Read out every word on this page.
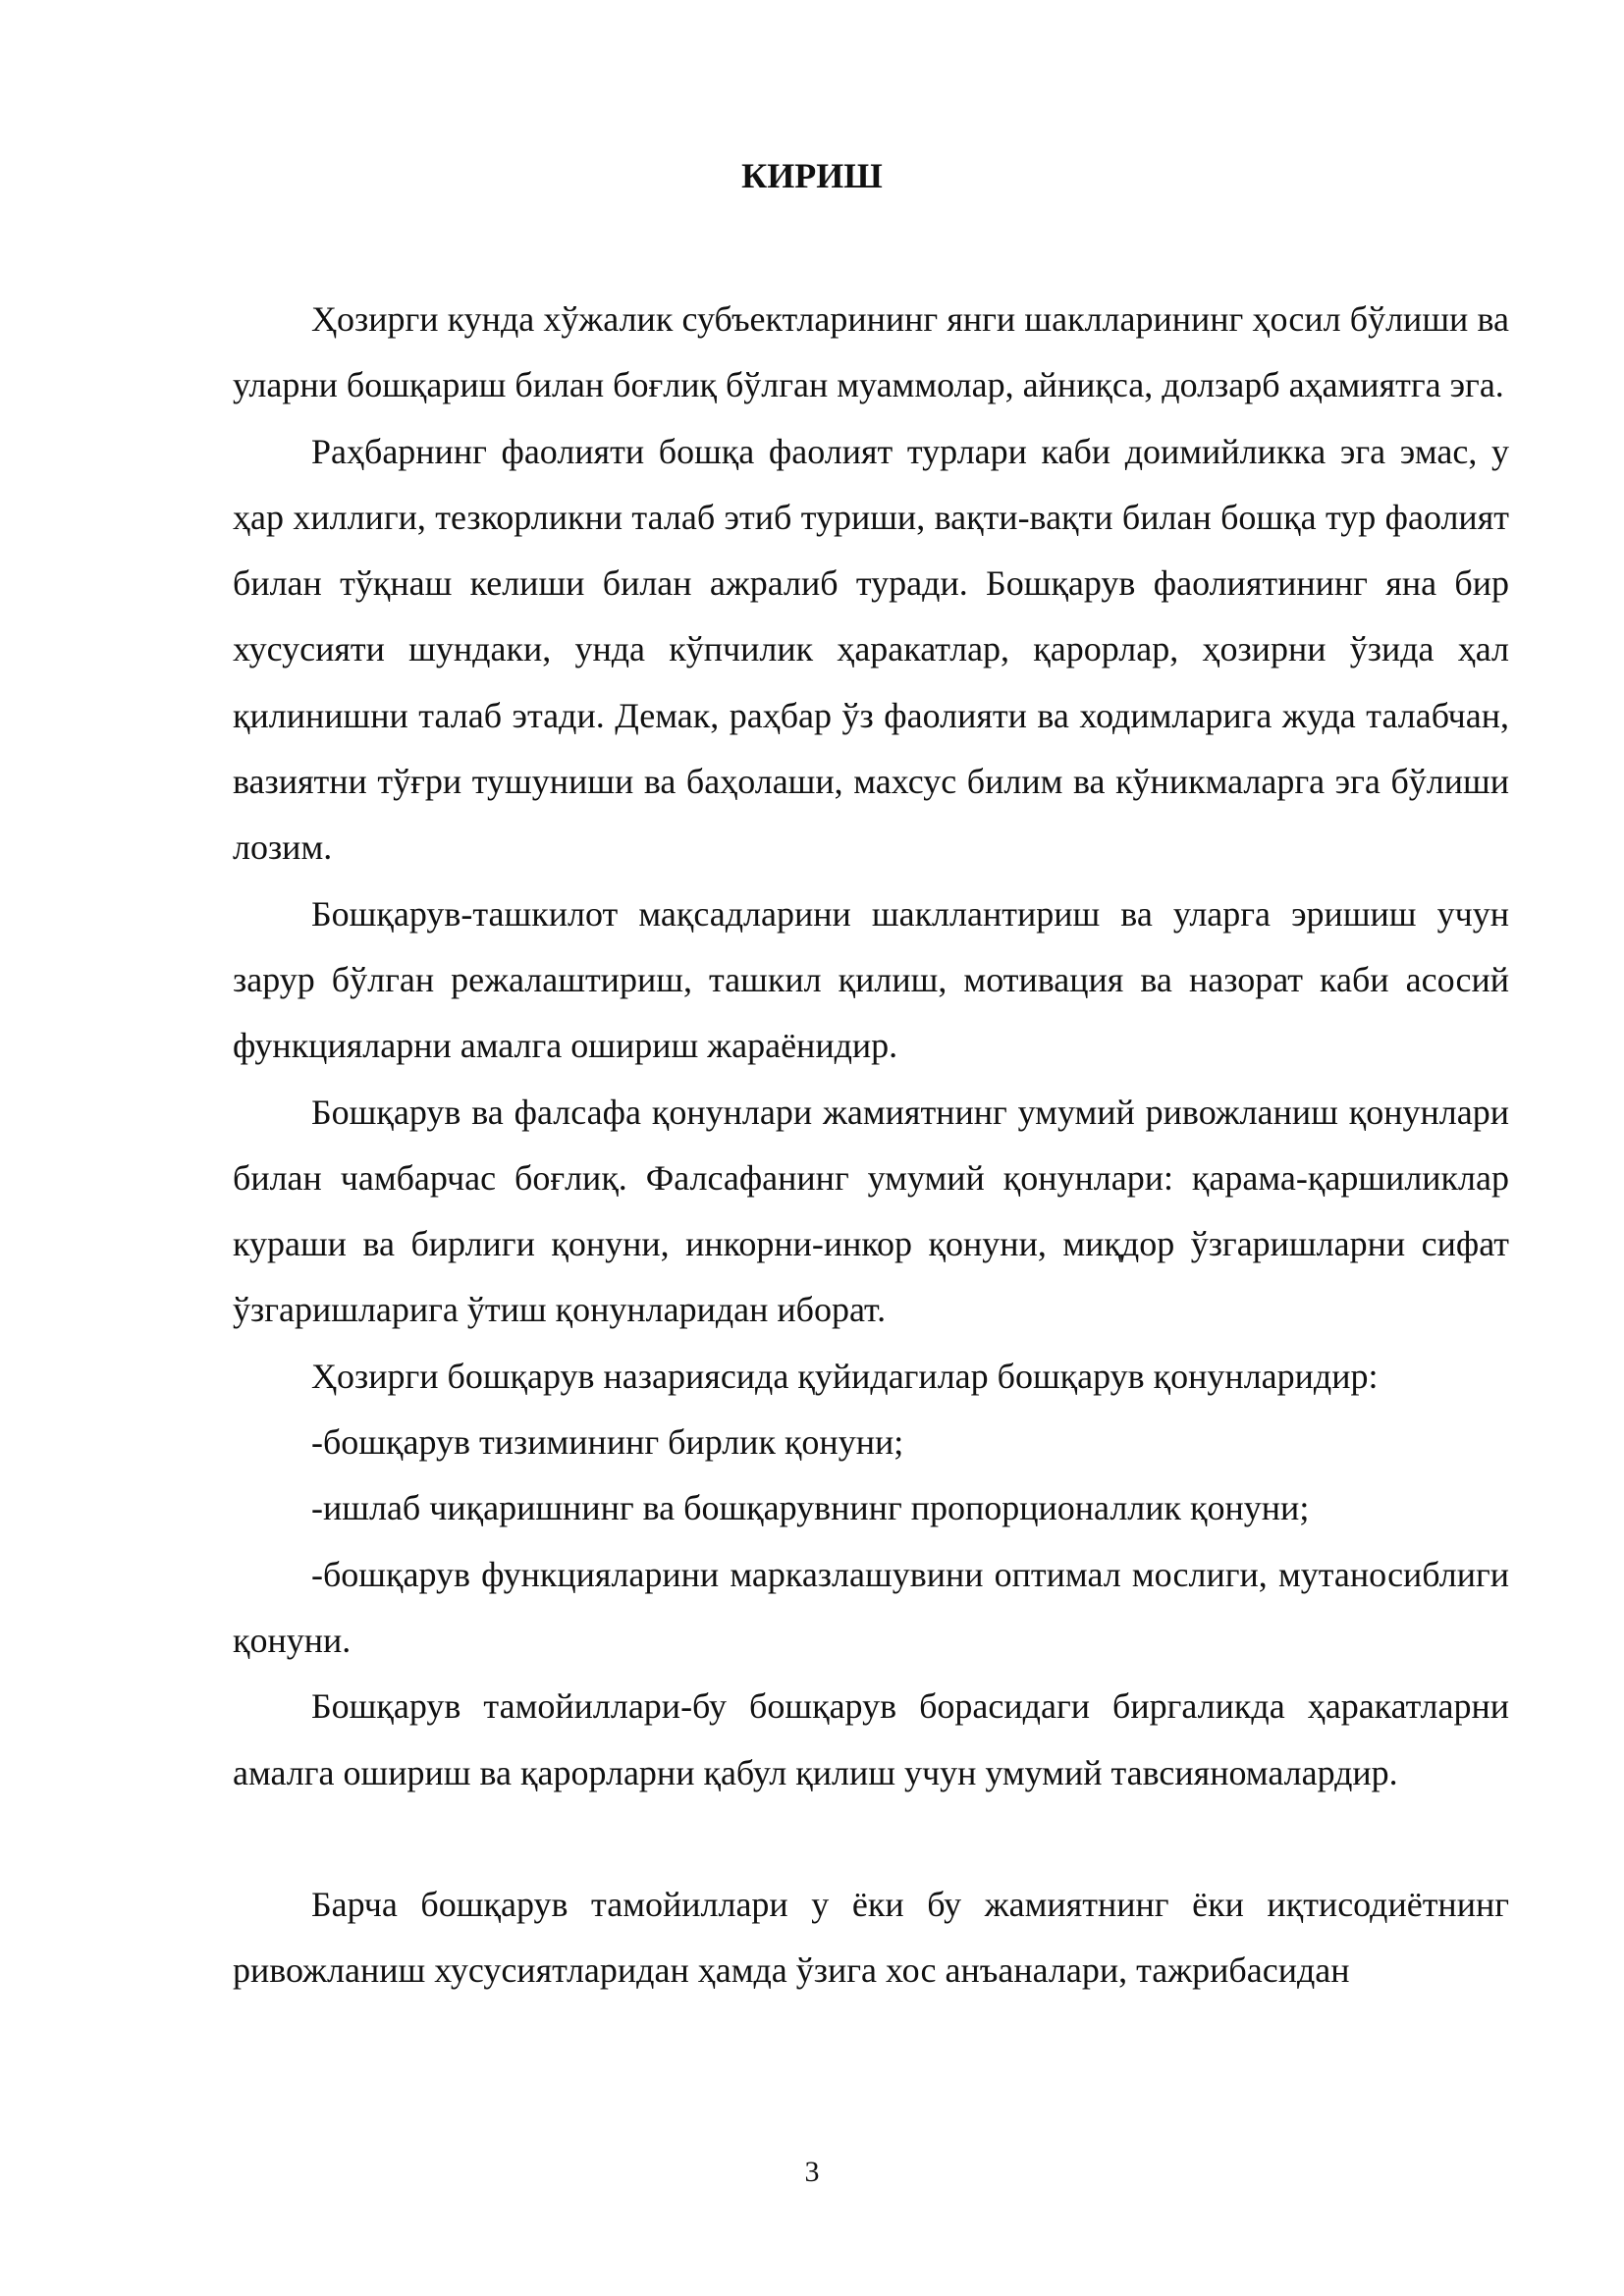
КИРИШ

Ҳозирги кунда хўжалик субъектларининг янги шаклларининг ҳосил бўлиши ва уларни бошқариш билан боғлиқ бўлган муаммолар, айниқса, долзарб аҳамиятга эга.

Раҳбарнинг фаолияти бошқа фаолият турлари каби доимийликка эга эмас, у ҳар хиллиги, тезкорликни талаб этиб туриши, вақти-вақти билан бошқа тур фаолият билан тўқнаш келиши билан ажралиб туради. Бошқарув фаолиятининг яна бир хусусияти шундаки, унда кўпчилик ҳаракатлар, қарорлар, ҳозирни ўзида ҳал қилинишни талаб этади. Демак, раҳбар ўз фаолияти ва ходимларига жуда талабчан, вазиятни тўғри тушуниши ва баҳолаши, махсус билим ва кўникмаларга эга бўлиши лозим.

Бошқарув-ташкилот мақсадларини шакллантириш ва уларга эришиш учун зарур бўлган режалаштириш, ташкил қилиш, мотивация ва назорат каби асосий функцияларни амалга ошириш жараёнидир.

Бошқарув ва фалсафа қонунлари жамиятнинг умумий ривожланиш қонунлари билан чамбарчас боғлиқ. Фалсафанинг умумий қонунлари: қарама-қаршиликлар кураши ва бирлиги қонуни, инкорни-инкор қонуни, миқдор ўзгаришларни сифат ўзгаришларига ўтиш қонунларидан иборат.

Ҳозирги бошқарув назариясида қуйидагилар бошқарув қонунларидир:

-бошқарув тизимининг бирлик қонуни;

-ишлаб чиқаришнинг ва бошқарувнинг пропорционаллик қонуни;

-бошқарув функцияларини марказлашувини оптимал мослиги, мутаносиблиги қонуни.

Бошқарув тамойиллари-бу бошқарув борасидаги биргаликда ҳаракатларни амалга ошириш ва қарорларни қабул қилиш учун умумий тавсияномалардир.

Барча бошқарув тамойиллари у ёки бу жамиятнинг ёки иқтисодиётнинг ривожланиш хусусиятларидан ҳамда ўзига хос анъаналари, тажрибасидан

3
